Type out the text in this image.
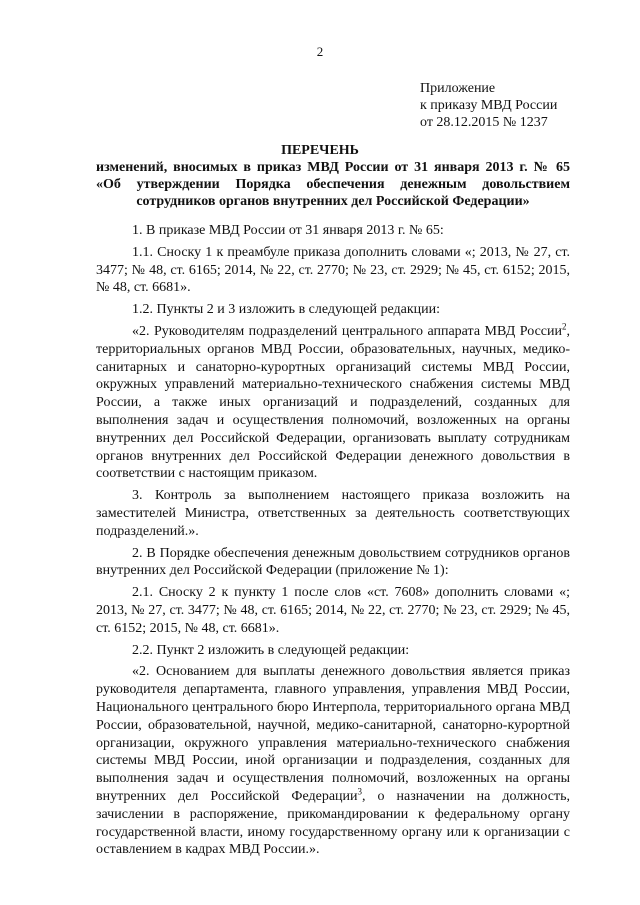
2
Приложение
к приказу МВД России
от 28.12.2015 № 1237
ПЕРЕЧЕНЬ
изменений, вносимых в приказ МВД России от 31 января 2013 г. № 65
«Об утверждении Порядка обеспечения денежным довольствием
сотрудников органов внутренних дел Российской Федерации»

1. В приказе МВД России от 31 января 2013 г. № 65:

1.1. Сноску 1 к преамбуле приказа дополнить словами «; 2013, № 27, ст. 3477; № 48, ст. 6165; 2014, № 22, ст. 2770; № 23, ст. 2929; № 45, ст. 6152; 2015, № 48, ст. 6681».

1.2. Пункты 2 и 3 изложить в следующей редакции:

«2. Руководителям подразделений центрального аппарата МВД России$^2$, территориальных органов МВД России, образовательных, научных, медико-санитарных и санаторно-курортных организаций системы МВД России, окружных управлений материально-технического снабжения системы МВД России, а также иных организаций и подразделений, созданных для выполнения задач и осуществления полномочий, возложенных на органы внутренних дел Российской Федерации, организовать выплату сотрудникам органов внутренних дел Российской Федерации денежного довольствия в соответствии с настоящим приказом.

3. Контроль за выполнением настоящего приказа возложить на заместителей Министра, ответственных за деятельность соответствующих подразделений.».

2. В Порядке обеспечения денежным довольствием сотрудников органов внутренних дел Российской Федерации (приложение № 1):

2.1. Сноску 2 к пункту 1 после слов «ст. 7608» дополнить словами «; 2013, № 27, ст. 3477; № 48, ст. 6165; 2014, № 22, ст. 2770; № 23, ст. 2929; № 45, ст. 6152; 2015, № 48, ст. 6681».

2.2. Пункт 2 изложить в следующей редакции:

«2. Основанием для выплаты денежного довольствия является приказ руководителя департамента, главного управления, управления МВД России, Национального центрального бюро Интерпола, территориального органа МВД России, образовательной, научной, медико-санитарной, санаторно-курортной организации, окружного управления материально-технического снабжения системы МВД России, иной организации и подразделения, созданных для выполнения задач и осуществления полномочий, возложенных на органы внутренних дел Российской Федерации$^3$, о назначении на должность, зачислении в распоряжение, прикомандировании к федеральному органу государственной власти, иному государственному органу или к организации с оставлением в кадрах МВД России.».
